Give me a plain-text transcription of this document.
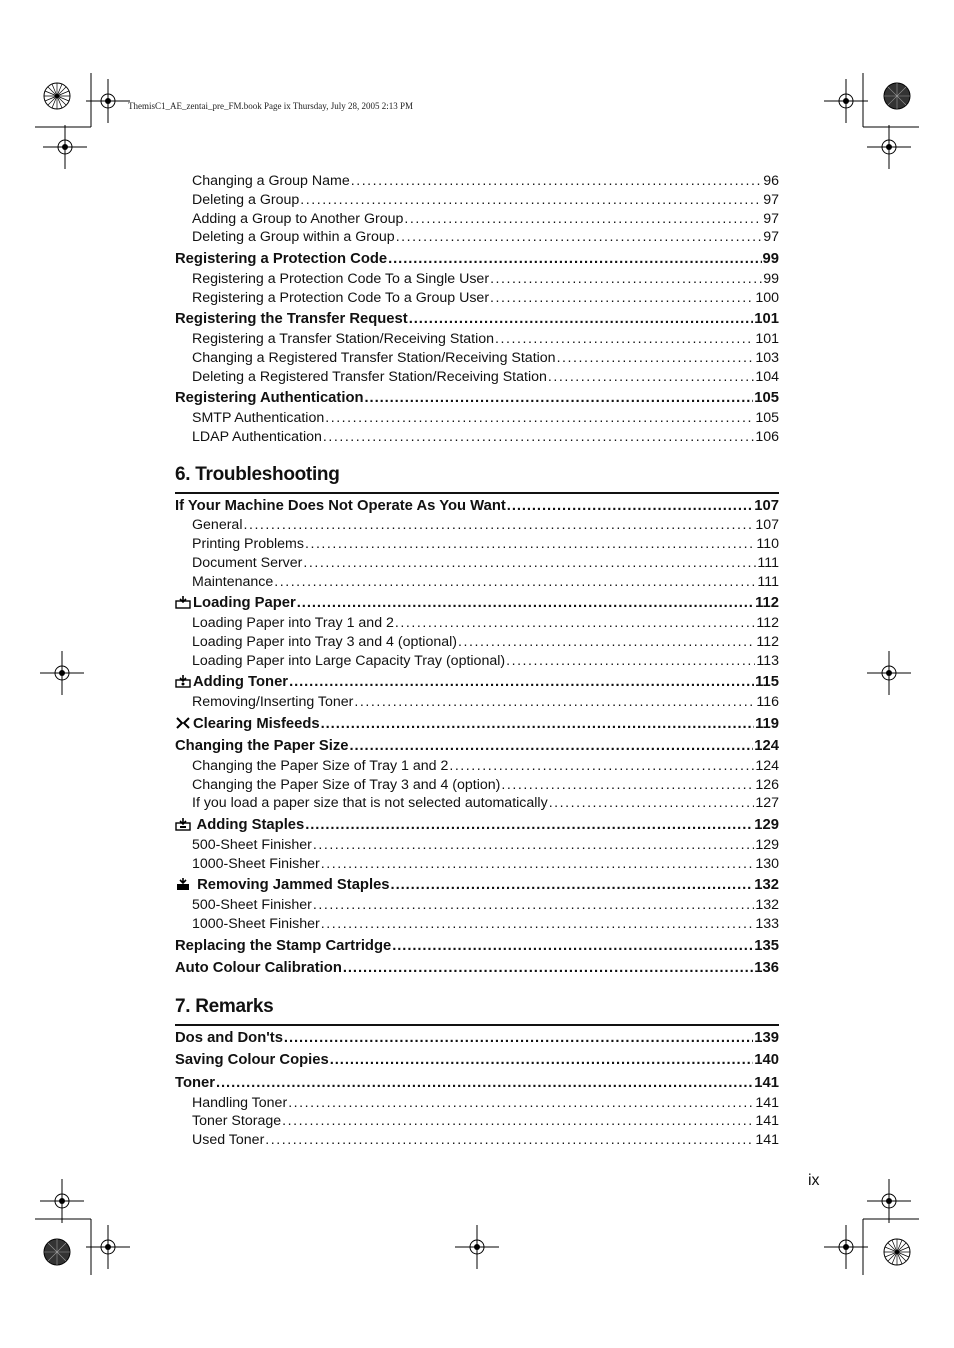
ThemisC1_AE_zentai_pre_FM.book Page ix Thursday, July 28, 2005 2:13 PM
Changing a Group Name . . .	96
Deleting a Group . . .	97
Adding a Group to Another Group . . .	97
Deleting a Group within a Group . . .	97
Registering a Protection Code . . .	99
Registering a Protection Code To a Single User . . .	99
Registering a Protection Code To a Group User . . .	100
Registering the Transfer Request . . .	101
Registering a Transfer Station/Receiving Station . . .	101
Changing a Registered Transfer Station/Receiving Station . . .	103
Deleting a Registered Transfer Station/Receiving Station . . .	104
Registering Authentication . . .	105
SMTP Authentication . . .	105
LDAP Authentication . . .	106
6. Troubleshooting
If Your Machine Does Not Operate As You Want . . .	107
General . . .	107
Printing Problems . . .	110
Document Server . . .	111
Maintenance . . .	111
Loading Paper . . .	112
Loading Paper into Tray 1 and 2 . . .	112
Loading Paper into Tray 3 and 4 (optional) . . .	112
Loading Paper into Large Capacity Tray (optional) . . .	113
Adding Toner . . .	115
Removing/Inserting Toner . . .	116
Clearing Misfeeds . . .	119
Changing the Paper Size . . .	124
Changing the Paper Size of Tray 1 and 2 . . .	124
Changing the Paper Size of Tray 3 and 4 (option) . . .	126
If you load a paper size that is not selected automatically . . .	127
Adding Staples . . .	129
500-Sheet Finisher . . .	129
1000-Sheet Finisher . . .	130
Removing Jammed Staples . . .	132
500-Sheet Finisher . . .	132
1000-Sheet Finisher . . .	133
Replacing the Stamp Cartridge . . .	135
Auto Colour Calibration . . .	136
7. Remarks
Dos and Don'ts . . .	139
Saving Colour Copies . . .	140
Toner . . .	141
Handling Toner . . .	141
Toner Storage . . .	141
Used Toner . . .	141
ix
